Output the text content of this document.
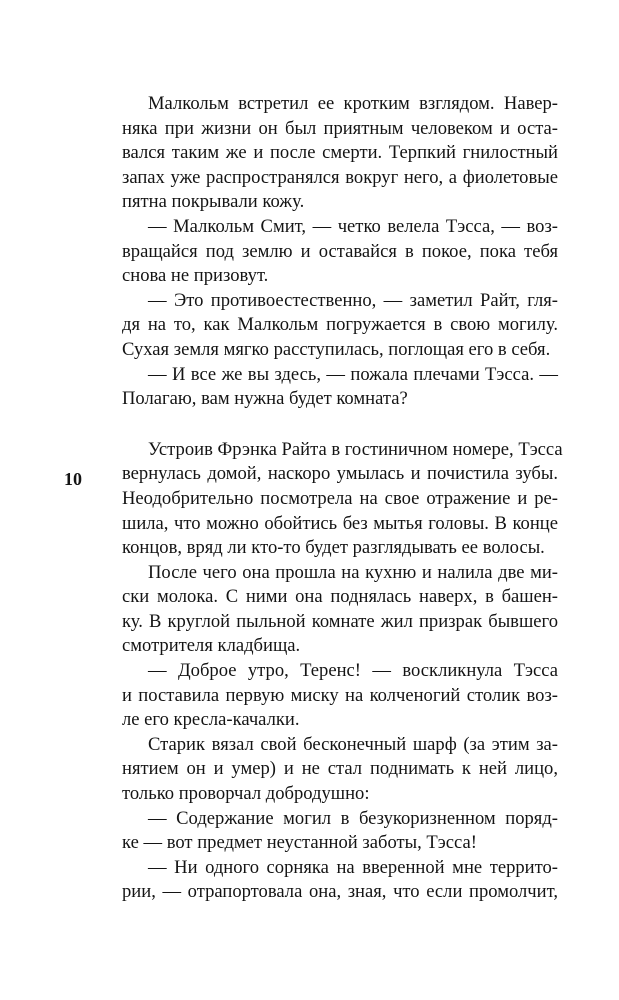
10
Малкольм встретил ее кротким взглядом. Навер-
няка при жизни он был приятным человеком и оста-
вался таким же и после смерти. Терпкий гнилостный
запах уже распространялся вокруг него, а фиолетовые
пятна покрывали кожу.
— Малкольм Смит, — четко велела Тэсса, — воз-
вращайся под землю и оставайся в покое, пока тебя
снова не призовут.
— Это противоестественно, — заметил Райт, гля-
дя на то, как Малкольм погружается в свою могилу.
Сухая земля мягко расступилась, поглощая его в себя.
— И все же вы здесь, — пожала плечами Тэсса. —
Полагаю, вам нужна будет комната?
Устроив Фрэнка Райта в гостиничном номере, Тэсса
вернулась домой, наскоро умылась и почистила зубы.
Неодобрительно посмотрела на свое отражение и ре-
шила, что можно обойтись без мытья головы. В конце
концов, вряд ли кто-то будет разглядывать ее волосы.
После чего она прошла на кухню и налила две ми-
ски молока. С ними она поднялась наверх, в башен-
ку. В круглой пыльной комнате жил призрак бывшего
смотрителя кладбища.
— Доброе утро, Теренс! — воскликнула Тэсса
и поставила первую миску на колченогий столик воз-
ле его кресла-качалки.
Старик вязал свой бесконечный шарф (за этим за-
нятием он и умер) и не стал поднимать к ней лицо,
только проворчал добродушно:
— Содержание могил в безукоризненном поряд-
ке — вот предмет неустанной заботы, Тэсса!
— Ни одного сорняка на вверенной мне террито-
рии, — отрапортовала она, зная, что если промолчит,
